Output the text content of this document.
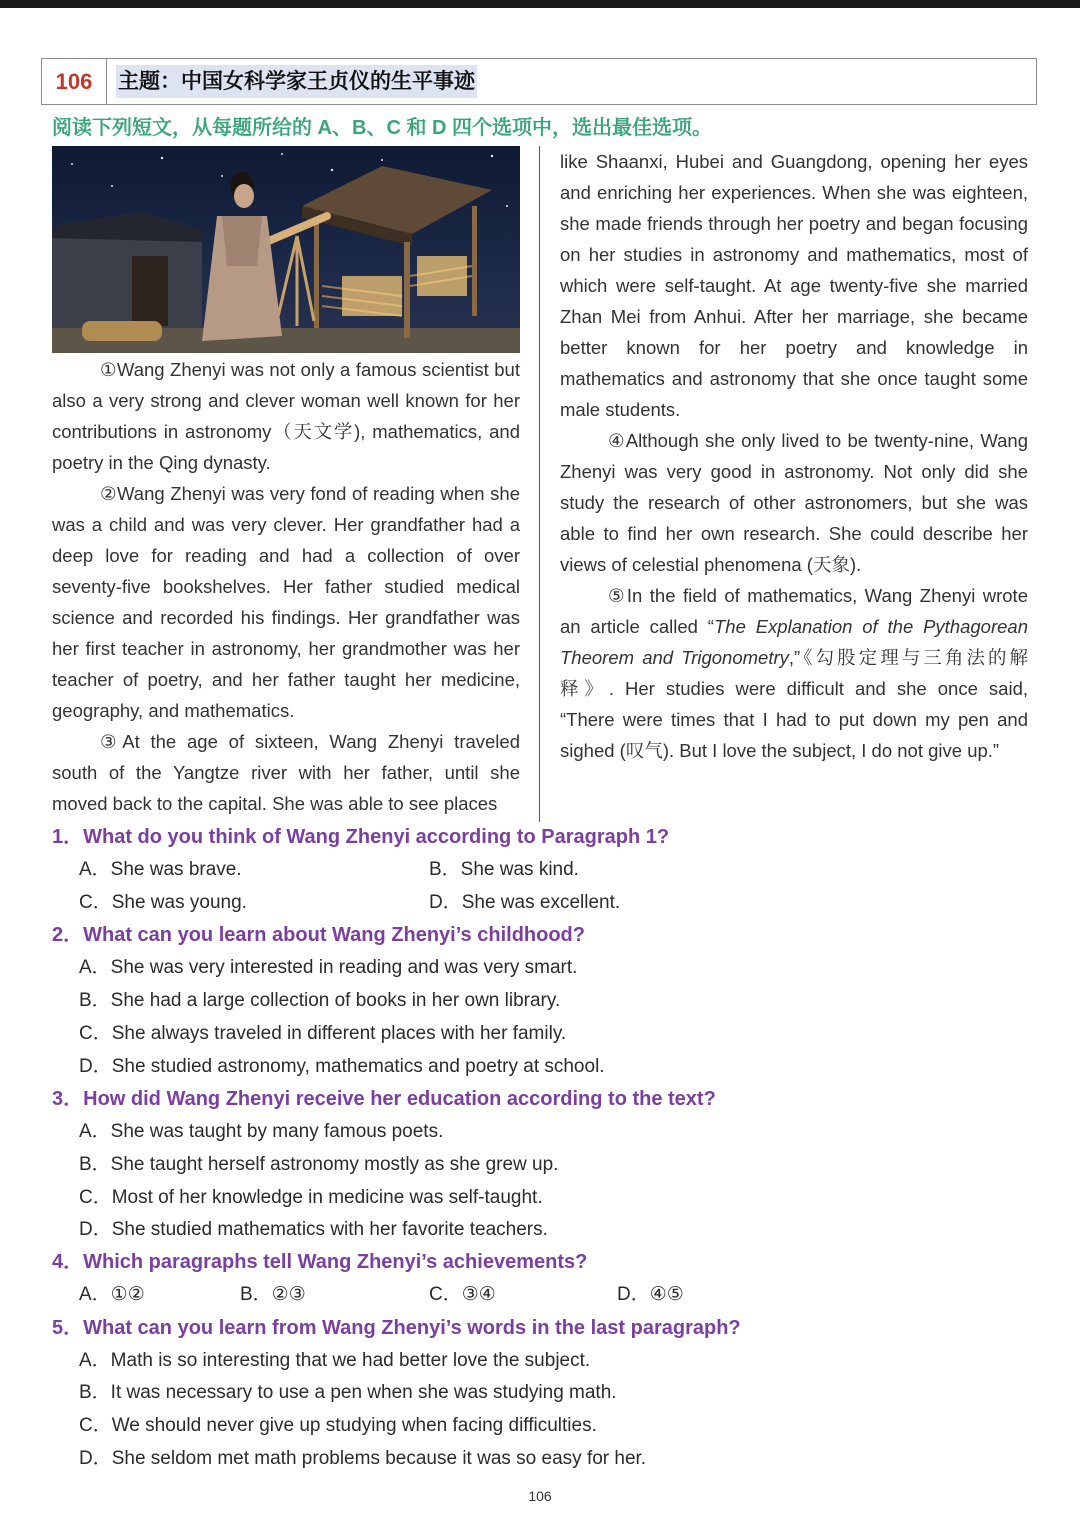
106	主题：中国女科学家王贞仪的生平事迹
阅读下列短文，从每题所给的 A、B、C 和 D 四个选项中，选出最佳选项。

①Wang Zhenyi was not only a famous scientist but also a very strong and clever woman well known for her contributions in astronomy（天文学), mathematics, and poetry in the Qing dynasty.

②Wang Zhenyi was very fond of reading when she was a child and was very clever. Her grandfather had a deep love for reading and had a collection of over seventy-five bookshelves. Her father studied medical science and recorded his findings. Her grandfather was her first teacher in astronomy, her grandmother was her teacher of poetry, and her father taught her medicine, geography, and mathematics.

③At the age of sixteen, Wang Zhenyi traveled south of the Yangtze river with her father, until she moved back to the capital. She was able to see places

like Shaanxi, Hubei and Guangdong, opening her eyes and enriching her experiences. When she was eighteen, she made friends through her poetry and began focusing on her studies in astronomy and mathematics, most of which were self-taught. At age twenty-five she married Zhan Mei from Anhui. After her marriage, she became better known for her poetry and knowledge in mathematics and astronomy that she once taught some male students.

④Although she only lived to be twenty-nine, Wang Zhenyi was very good in astronomy. Not only did she study the research of other astronomers, but she was able to find her own research. She could describe her views of celestial phenomena (天象).

⑤In the field of mathematics, Wang Zhenyi wrote an article called “The Explanation of the Pythagorean Theorem and Trigonometry,”《勾股定理与三角法的解释》. Her studies were difficult and she once said, “There were times that I had to put down my pen and sighed (叹气). But I love the subject, I do not give up.”

1．What do you think of Wang Zhenyi according to Paragraph 1?
A．She was brave.	B．She was kind.
C．She was young.	D．She was excellent.
2．What can you learn about Wang Zhenyi’s childhood?
A．She was very interested in reading and was very smart.
B．She had a large collection of books in her own library.
C．She always traveled in different places with her family.
D．She studied astronomy, mathematics and poetry at school.
3．How did Wang Zhenyi receive her education according to the text?
A．She was taught by many famous poets.
B．She taught herself astronomy mostly as she grew up.
C．Most of her knowledge in medicine was self-taught.
D．She studied mathematics with her favorite teachers.
4．Which paragraphs tell Wang Zhenyi’s achievements?
A．①②	B．②③	C．③④	D．④⑤
5．What can you learn from Wang Zhenyi’s words in the last paragraph?
A．Math is so interesting that we had better love the subject.
B．It was necessary to use a pen when she was studying math.
C．We should never give up studying when facing difficulties.
D．She seldom met math problems because it was so easy for her.
106
